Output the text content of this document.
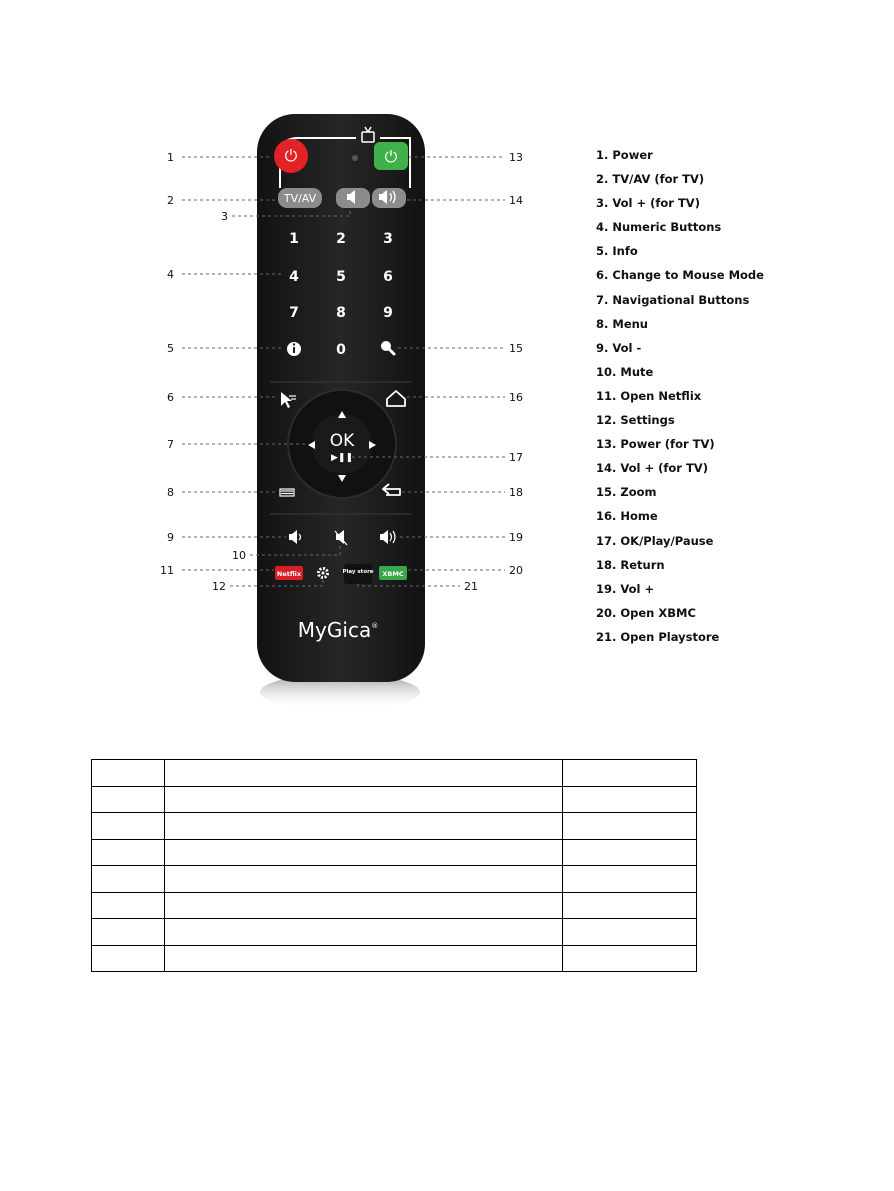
⏻	⏻
TV/AV
1	2	3
4	5	6
7	8	9
0
OK
▶❚❚
Netflix	Play store XBMC
MyGica®
1
2
3
4
5
6
7
8
9
10
11
12
13
14
15
16
17
18
19
20
21
1. Power
2. TV/AV (for TV)
3. Vol + (for TV)
4. Numeric Buttons
5. Info
6. Change to Mouse Mode
7. Navigational Buttons
8. Menu
9. Vol -
10. Mute
11. Open Netflix
12. Settings
13. Power (for TV)
14. Vol + (for TV)
15. Zoom
16. Home
17. OK/Play/Pause
18. Return
19. Vol +
20. Open XBMC
21. Open Playstore
